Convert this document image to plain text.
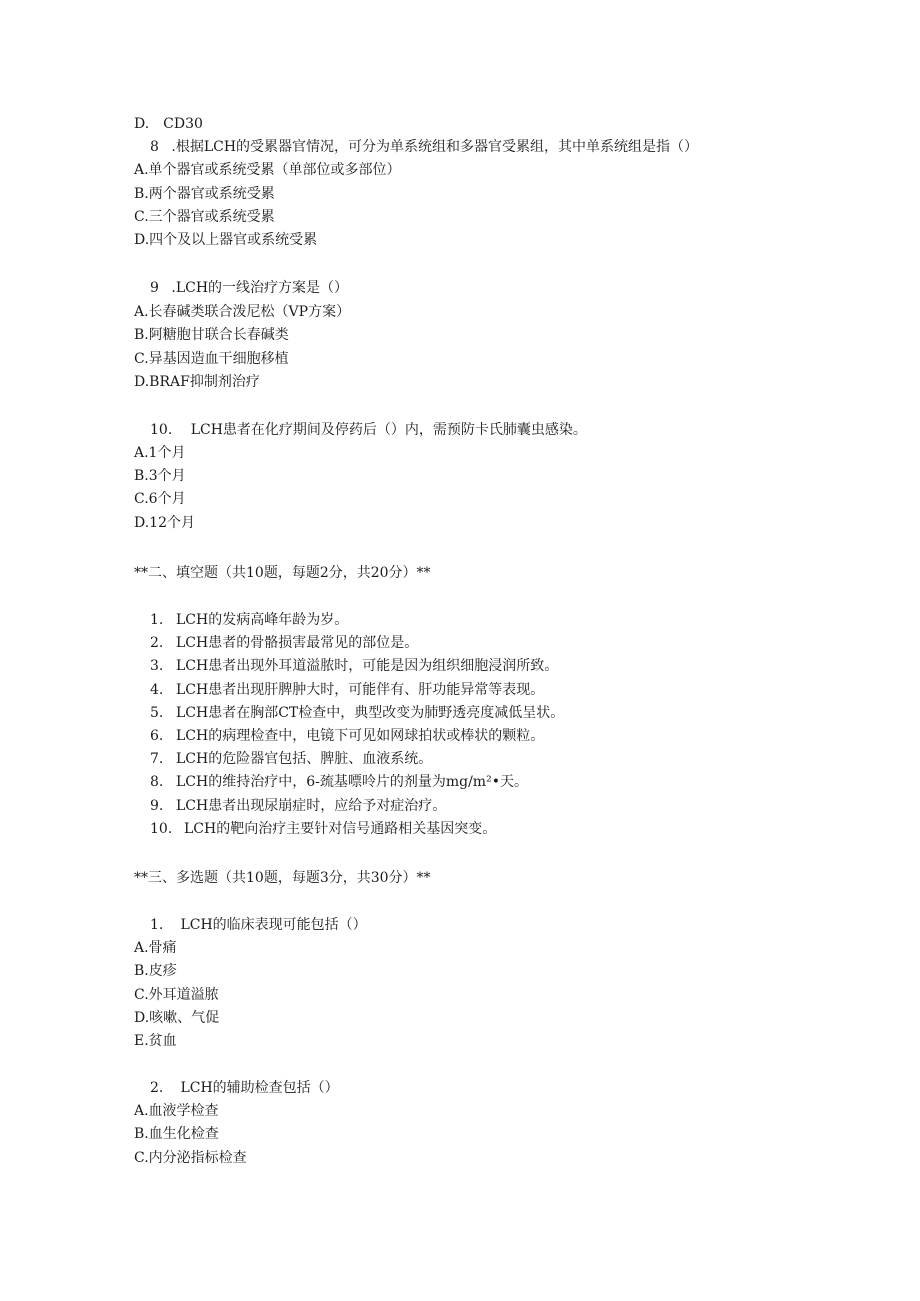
D.　CD30
8 .根据LCH的受累器官情况，可分为单系统组和多器官受累组，其中单系统组是指（）
A.单个器官或系统受累（单部位或多部位）
B.两个器官或系统受累
C.三个器官或系统受累
D.四个及以上器官或系统受累
9 .LCH的一线治疗方案是（）
A.长春碱类联合泼尼松（VP方案）
B.阿糖胞甘联合长春碱类
C.异基因造血干细胞移植
D.BRAF抑制剂治疗
10. LCH患者在化疗期间及停药后（）内，需预防卡氏肺囊虫感染。
A.1个月
B.3个月
C.6个月
D.12个月
**二、填空题（共10题，每题2分，共20分）**
1. LCH的发病高峰年龄为岁。
2. LCH患者的骨骼损害最常见的部位是。
3. LCH患者出现外耳道溢脓时，可能是因为组织细胞浸润所致。
4. LCH患者出现肝脾肿大时，可能伴有、肝功能异常等表现。
5. LCH患者在胸部CT检查中，典型改变为肺野透亮度减低呈状。
6. LCH的病理检查中，电镜下可见如网球拍状或棒状的颗粒。
7. LCH的危险器官包括、脾脏、血液系统。
8. LCH的维持治疗中，6-巯基嘌呤片的剂量为mg/m²•天。
9. LCH患者出现尿崩症时，应给予对症治疗。
10. LCH的靶向治疗主要针对信号通路相关基因突变。
**三、多选题（共10题，每题3分，共30分）**
1. LCH的临床表现可能包括（）
A.骨痛
B.皮疹
C.外耳道溢脓
D.咳嗽、气促
E.贫血
2. LCH的辅助检查包括（）
A.血液学检查
B.血生化检查
C.内分泌指标检查
